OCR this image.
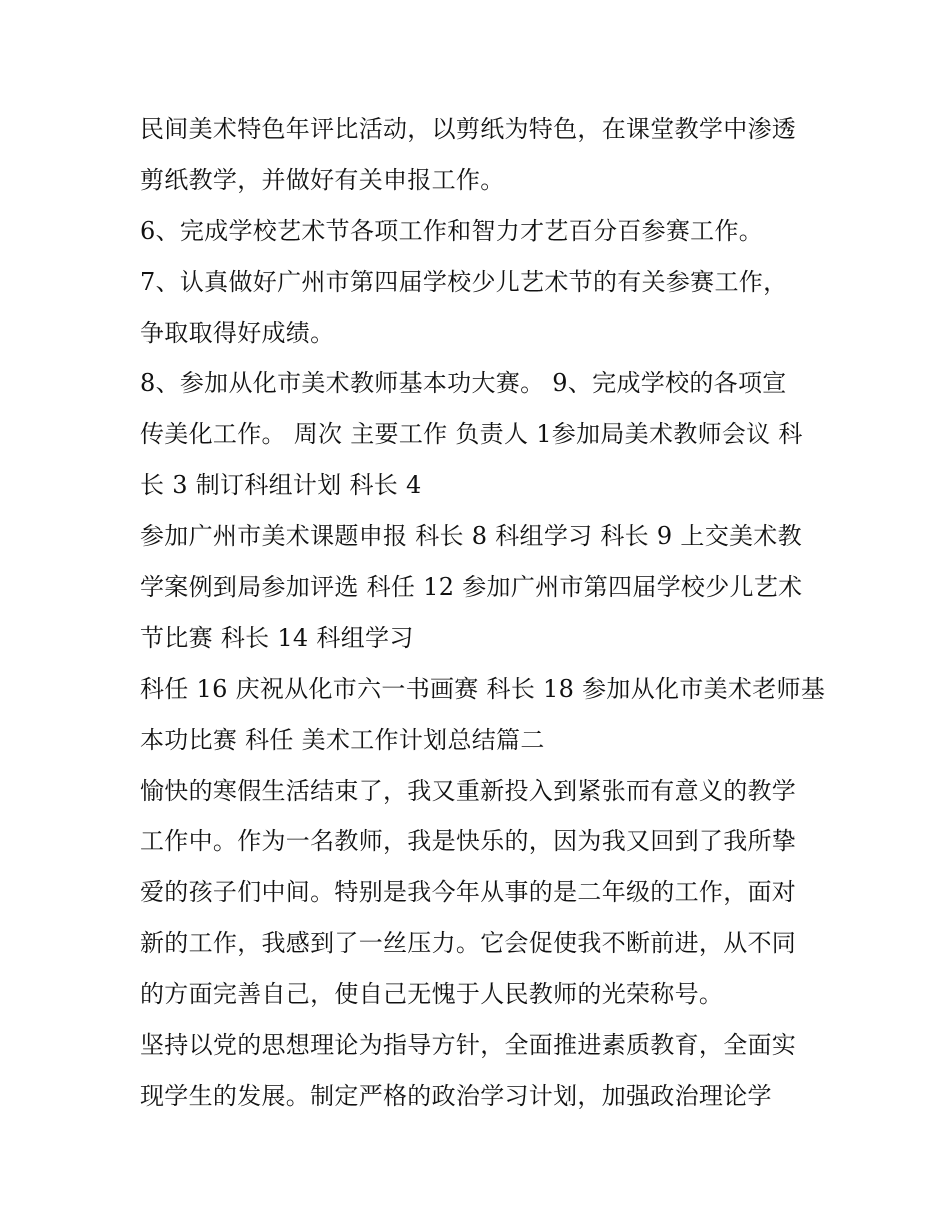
民间美术特色年评比活动，以剪纸为特色，在课堂教学中渗透
剪纸教学，并做好有关申报工作。
6、完成学校艺术节各项工作和智力才艺百分百参赛工作。
7、认真做好广州市第四届学校少儿艺术节的有关参赛工作，
争取取得好成绩。
8、参加从化市美术教师基本功大赛。 9、完成学校的各项宣
传美化工作。 周次 主要工作 负责人 1参加局美术教师会议 科
长 3 制订科组计划 科长 4
参加广州市美术课题申报 科长 8 科组学习 科长 9 上交美术教
学案例到局参加评选 科任 12 参加广州市第四届学校少儿艺术
节比赛 科长 14 科组学习
科任 16 庆祝从化市六一书画赛 科长 18 参加从化市美术老师基
本功比赛 科任 美术工作计划总结篇二
愉快的寒假生活结束了，我又重新投入到紧张而有意义的教学
工作中。作为一名教师，我是快乐的，因为我又回到了我所挚
爱的孩子们中间。特别是我今年从事的是二年级的工作，面对
新的工作，我感到了一丝压力。它会促使我不断前进，从不同
的方面完善自己，使自己无愧于人民教师的光荣称号。
坚持以党的思想理论为指导方针，全面推进素质教育，全面实
现学生的发展。制定严格的政治学习计划，加强政治理论学
